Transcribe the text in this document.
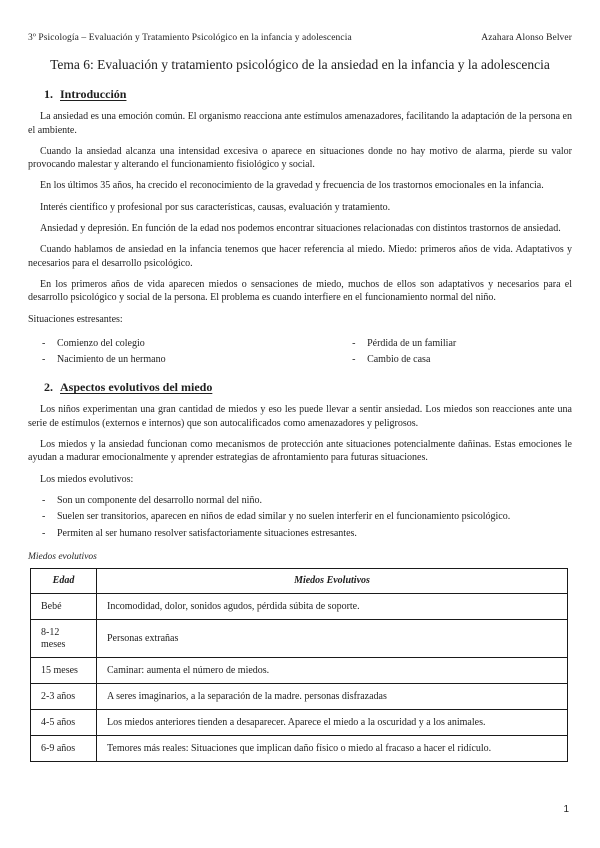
3º Psicología – Evaluación y Tratamiento Psicológico en la infancia y adolescencia	Azahara Alonso Belver
Tema 6: Evaluación y tratamiento psicológico de la ansiedad en la infancia y la adolescencia
1. Introducción

La ansiedad es una emoción común. El organismo reacciona ante estímulos amenazadores, facilitando la adaptación de la persona en el ambiente.

Cuando la ansiedad alcanza una intensidad excesiva o aparece en situaciones donde no hay motivo de alarma, pierde su valor provocando malestar y alterando el funcionamiento fisiológico y social.

En los últimos 35 años, ha crecido el reconocimiento de la gravedad y frecuencia de los trastornos emocionales en la infancia.

Interés científico y profesional por sus características, causas, evaluación y tratamiento.

Ansiedad y depresión. En función de la edad nos podemos encontrar situaciones relacionadas con distintos trastornos de ansiedad.

Cuando hablamos de ansiedad en la infancia tenemos que hacer referencia al miedo. Miedo: primeros años de vida. Adaptativos y necesarios para el desarrollo psicológico.

En los primeros años de vida aparecen miedos o sensaciones de miedo, muchos de ellos son adaptativos y necesarios para el desarrollo psicológico y social de la persona. El problema es cuando interfiere en el funcionamiento normal del niño.

Situaciones estresantes:

- Comienzo del colegio
- Nacimiento de un hermano
- Pérdida de un familiar
- Cambio de casa
2. Aspectos evolutivos del miedo

Los niños experimentan una gran cantidad de miedos y eso les puede llevar a sentir ansiedad. Los miedos son reacciones ante una serie de estímulos (externos e internos) que son autocalificados como amenazadores y peligrosos.

Los miedos y la ansiedad funcionan como mecanismos de protección ante situaciones potencialmente dañinas. Estas emociones le ayudan a madurar emocionalmente y aprender estrategias de afrontamiento para futuras situaciones.

Los miedos evolutivos:

- Son un componente del desarrollo normal del niño.
- Suelen ser transitorios, aparecen en niños de edad similar y no suelen interferir en el funcionamiento psicológico.
- Permiten al ser humano resolver satisfactoriamente situaciones estresantes.

Miedos evolutivos

Edad	Miedos Evolutivos
Bebé	Incomodidad, dolor, sonidos agudos, pérdida súbita de soporte.
8-12 meses	Personas extrañas
15 meses	Caminar: aumenta el número de miedos.
2-3 años	A seres imaginarios, a la separación de la madre. personas disfrazadas
4-5 años	Los miedos anteriores tienden a desaparecer. Aparece el miedo a la oscuridad y a los animales.
6-9 años	Temores más reales: Situaciones que implican daño físico o miedo al fracaso a hacer el ridículo.
1
